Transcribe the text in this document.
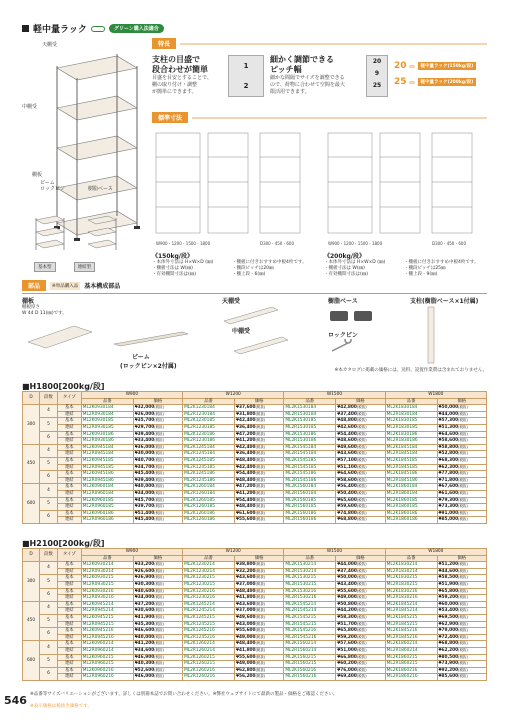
軽中量ラック	グリーン購入法適合
天棚受
中棚受
棚板
ビーム
ロックピン	樹脂ベース
基本型	連結型
特長
支柱の目盛で
段合わせが簡単
目盛を目安とすることで、
棚の取り付け・調整
が簡単にできます。
1
2
細かく調節できる
ピッチ幅
細かな間隔でサイズを調整できる
ので、荷物に合わせて空間を最大
限活用できます。
20
9
25
20 ㎜	軽中量ラック(150kg/段)
25 ㎜	軽中量ラック(200kg/段)
標準寸法
W900・1200・1500・1800	D300・450・600	W900・1200・1500・1800	D300・450・600
《150kg/段》
・本体外寸法は H×W×D (㎜)	・棚板に付きおすすめ中板4枚です。
・棚板寸法は W(㎜)	・棚段ピッチは20㎜
・有効棚間寸法は(㎜)	・棚上段 - 6(㎜)
《200kg/段》
・本体外寸法は H×W×D (㎜)	・棚板に付きおすすめ中板4枚です。
・棚板寸法は W(㎜)	・棚段ピッチは25㎜
・有効棚間寸法は(㎜)	・棚上段 - 9(㎜)
部品	※単品購入品	基本構成部品
棚板
棚板厚さ
W 44 D 11(㎜)です。
ビーム
(ロックピン×2付属)
天棚受
中棚受
樹脂ベース
ロックピン
支柱(樹脂ベース×1付属)
※本カタログに掲載の価格には、送料、設置作業費は含まれておりません。
■H1800[200kg/段]
D	段数	タイプ	W900		W1200		W1500		W1800	
			品番	価格	品番	価格	品番	価格	品番	価格
300	4	基本	ML2K0930184	¥32,000(税抜)	ML2K1230184	¥37,600(税抜)	ML2K1530184	¥42,800(税抜)	ML2K1830184	¥50,000(税抜)
		連結	ML2R0930184	¥26,000(税抜)	ML2R1230184	¥31,800(税抜)	ML2R1530184	¥37,400(税抜)	ML2R1830184	¥44,000(税抜)
	5	基本	ML2K0930185	¥35,700(税抜)	ML2K1230185	¥42,400(税抜)	ML2K1530185	¥48,800(税抜)	ML2K1830185	¥57,300(税抜)
		連結	ML2R0930185	¥29,700(税抜)	ML2R1230185	¥36,400(税抜)	ML2R1530185	¥42,600(税抜)	ML2R1830185	¥51,300(税抜)
	6	基本	ML2K0930186	¥39,400(税抜)	ML2K1230186	¥47,200(税抜)	ML2K1530186	¥54,400(税抜)	ML2K1830186	¥64,600(税抜)
		連結	ML2R0930186	¥33,400(税抜)	ML2R1230186	¥41,200(税抜)	ML2R1530186	¥48,600(税抜)	ML2R1830186	¥58,600(税抜)
450	4	基本	ML2K0945184	¥36,000(税抜)	ML2K1245184	¥42,400(税抜)	ML2K1545184	¥49,600(税抜)	ML2K1845184	¥58,800(税抜)
		連結	ML2R0945184	¥30,000(税抜)	ML2R1245184	¥36,400(税抜)	ML2R1545184	¥43,600(税抜)	ML2R1845184	¥52,800(税抜)
	5	基本	ML2K0945185	¥40,700(税抜)	ML2K1245185	¥48,400(税抜)	ML2K1545185	¥57,100(税抜)	ML2K1845185	¥68,300(税抜)
		連結	ML2R0945185	¥34,700(税抜)	ML2R1245185	¥42,400(税抜)	ML2R1545185	¥51,100(税抜)	ML2R1845185	¥62,300(税抜)
	6	基本	ML2K0945186	¥45,400(税抜)	ML2K1245186	¥54,400(税抜)	ML2K1545186	¥64,600(税抜)	ML2K1845186	¥77,800(税抜)
		連結	ML2R0945186	¥39,400(税抜)	ML2R1245186	¥48,400(税抜)	ML2R1545186	¥58,600(税抜)	ML2R1845186	¥71,800(税抜)
600	4	基本	ML2K0960184	¥40,000(税抜)	ML2K1260184	¥47,200(税抜)	ML2K1560184	¥56,400(税抜)	ML2K1860184	¥67,600(税抜)
		連結	ML2R0960184	¥34,000(税抜)	ML2R1260184	¥41,200(税抜)	ML2R1560184	¥50,400(税抜)	ML2R1860184	¥61,600(税抜)
	5	基本	ML2K0960185	¥45,700(税抜)	ML2K1260185	¥54,400(税抜)	ML2K1560185	¥65,600(税抜)	ML2K1860185	¥79,300(税抜)
		連結	ML2R0960185	¥39,700(税抜)	ML2R1260185	¥48,400(税抜)	ML2R1560185	¥59,600(税抜)	ML2R1860185	¥73,300(税抜)
	6	基本	ML2K0960186	¥51,400(税抜)	ML2K1260186	¥61,600(税抜)	ML2K1560186	¥74,800(税抜)	ML2K1860186	¥91,000(税抜)
		連結	ML2R0960186	¥45,400(税抜)	ML2R1260186	¥55,600(税抜)	ML2R1560186	¥68,800(税抜)	ML2R1860186	¥85,000(税抜)
■H2100[200kg/段]
D	段数	タイプ	W900		W1200		W1500		W1800	
			品番	価格	品番	価格	品番	価格	品番	価格
300	4	基本	ML2K0930214	¥33,200(税抜)	ML2K1230214	¥38,800(税抜)	ML2K1530214	¥44,000(税抜)	ML2K1830214	¥51,200(税抜)
		連結	ML2R0930214	¥26,600(税抜)	ML2R1230214	¥32,200(税抜)	ML2R1530214	¥37,400(税抜)	ML2R1830214	¥44,600(税抜)
	5	基本	ML2K0930215	¥36,900(税抜)	ML2K1230215	¥43,600(税抜)	ML2K1530215	¥50,000(税抜)	ML2K1830215	¥58,500(税抜)
		連結	ML2R0930215	¥30,300(税抜)	ML2R1230215	¥37,000(税抜)	ML2R1530215	¥43,400(税抜)	ML2R1830215	¥51,900(税抜)
	6	基本	ML2K0930216	¥40,600(税抜)	ML2K1230216	¥48,400(税抜)	ML2K1530216	¥55,600(税抜)	ML2K1830216	¥65,800(税抜)
		連結	ML2R0930216	¥34,000(税抜)	ML2R1230216	¥41,800(税抜)	ML2R1530216	¥49,000(税抜)	ML2R1830216	¥59,200(税抜)
450	4	基本	ML2K0945214	¥37,200(税抜)	ML2K1245214	¥43,600(税抜)	ML2K1545214	¥50,800(税抜)	ML2K1845214	¥60,000(税抜)
		連結	ML2R0945214	¥30,600(税抜)	ML2R1245214	¥37,000(税抜)	ML2R1545214	¥44,200(税抜)	ML2R1845214	¥53,400(税抜)
	5	基本	ML2K0945215	¥41,900(税抜)	ML2K1245215	¥49,600(税抜)	ML2K1545215	¥58,300(税抜)	ML2K1845215	¥69,500(税抜)
		連結	ML2R0945215	¥35,300(税抜)	ML2R1245215	¥43,000(税抜)	ML2R1545215	¥51,700(税抜)	ML2R1845215	¥62,900(税抜)
	6	基本	ML2K0945216	¥46,600(税抜)	ML2K1245216	¥55,600(税抜)	ML2K1545216	¥65,800(税抜)	ML2K1845216	¥79,000(税抜)
		連結	ML2R0945216	¥40,000(税抜)	ML2R1245216	¥49,000(税抜)	ML2R1545216	¥59,200(税抜)	ML2R1845216	¥72,400(税抜)
600	4	基本	ML2K0960214	¥41,200(税抜)	ML2K1260214	¥48,400(税抜)	ML2K1560214	¥57,600(税抜)	ML2K1860214	¥68,800(税抜)
		連結	ML2R0960214	¥34,600(税抜)	ML2R1260214	¥41,800(税抜)	ML2R1560214	¥51,000(税抜)	ML2R1860214	¥62,200(税抜)
	5	基本	ML2K0960215	¥46,900(税抜)	ML2K1260215	¥55,600(税抜)	ML2K1560215	¥66,800(税抜)	ML2K1860215	¥80,500(税抜)
		連結	ML2R0960215	¥40,300(税抜)	ML2R1260215	¥49,000(税抜)	ML2R1560215	¥60,200(税抜)	ML2R1860215	¥73,900(税抜)
	6	基本	ML2K0960216	¥52,600(税抜)	ML2K1260216	¥62,800(税抜)	ML2K1560216	¥76,000(税抜)	ML2K1860216	¥92,200(税抜)
		連結	ML2R0960216	¥46,000(税抜)	ML2R1260216	¥56,200(税抜)	ML2R1560216	¥69,400(税抜)	ML2R1860216	¥85,600(税抜)
546 ※品番等サイズバリエーションがございます。詳しくは別冊本誌でお問い合わせください。※弊社ウェブサイトにて最新の製品・価格をご確認ください。
※表示価格は税抜き価格です。
